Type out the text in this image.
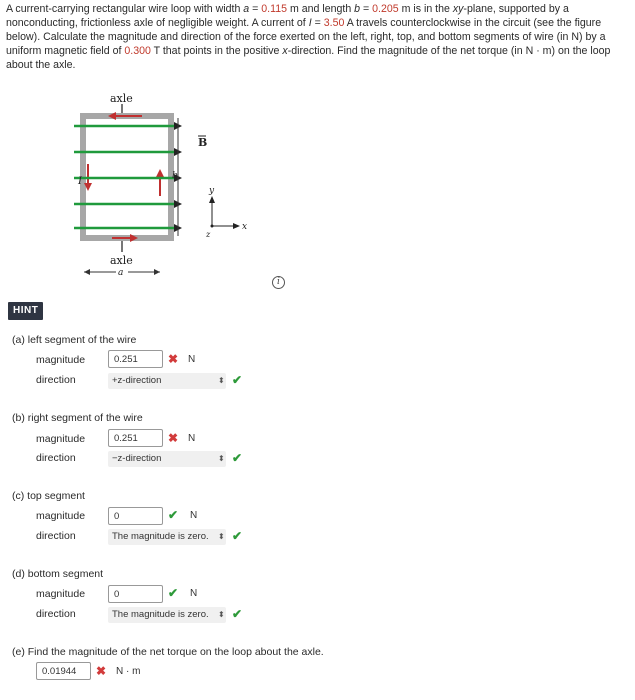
A current-carrying rectangular wire loop with width a = 0.115 m and length b = 0.205 m is in the xy-plane, supported by a nonconducting, frictionless axle of negligible weight. A current of I = 3.50 A travels counterclockwise in the circuit (see the figure below). Calculate the magnitude and direction of the force exerted on the left, right, top, and bottom segments of wire (in N) by a uniform magnetic field of 0.300 T that points in the positive x-direction. Find the magnitude of the net torque (in N · m) on the loop about the axle.
axle
axle
B
I	b
a
y
x
z
i
HINT
(a) left segment of the wire
magnitude	0.251	✖ N
direction	+z-direction	⬍ ✔
(b) right segment of the wire
magnitude	0.251	✖ N
direction	−z-direction	⬍ ✔
(c) top segment
magnitude	0	✔ N
direction	The magnitude is zero.	⬍ ✔
(d) bottom segment
magnitude	0	✔ N
direction	The magnitude is zero.	⬍ ✔
(e) Find the magnitude of the net torque on the loop about the axle.
0.01944	✖ N · m
